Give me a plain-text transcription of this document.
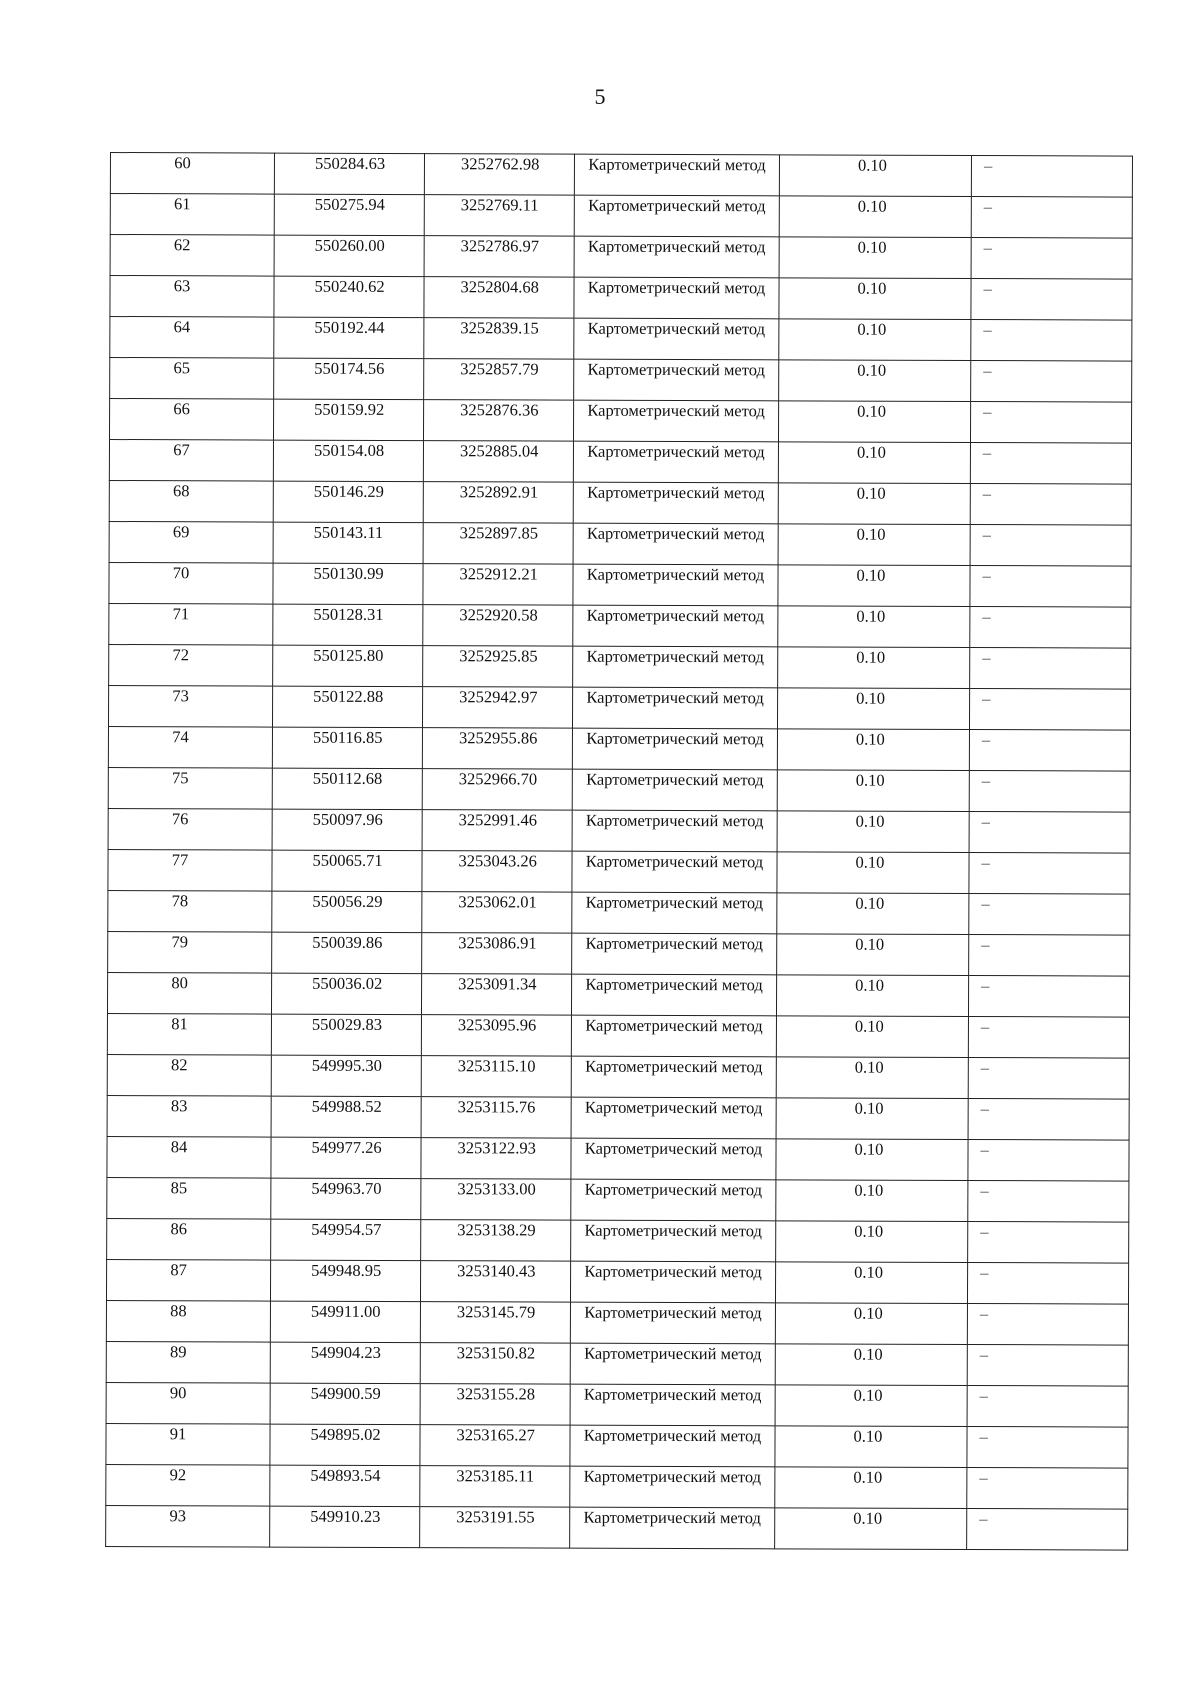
5
60	550284.63	3252762.98	Картометрический метод	0.10	–
61	550275.94	3252769.11	Картометрический метод	0.10	–
62	550260.00	3252786.97	Картометрический метод	0.10	–
63	550240.62	3252804.68	Картометрический метод	0.10	–
64	550192.44	3252839.15	Картометрический метод	0.10	–
65	550174.56	3252857.79	Картометрический метод	0.10	–
66	550159.92	3252876.36	Картометрический метод	0.10	–
67	550154.08	3252885.04	Картометрический метод	0.10	–
68	550146.29	3252892.91	Картометрический метод	0.10	–
69	550143.11	3252897.85	Картометрический метод	0.10	–
70	550130.99	3252912.21	Картометрический метод	0.10	–
71	550128.31	3252920.58	Картометрический метод	0.10	–
72	550125.80	3252925.85	Картометрический метод	0.10	–
73	550122.88	3252942.97	Картометрический метод	0.10	–
74	550116.85	3252955.86	Картометрический метод	0.10	–
75	550112.68	3252966.70	Картометрический метод	0.10	–
76	550097.96	3252991.46	Картометрический метод	0.10	–
77	550065.71	3253043.26	Картометрический метод	0.10	–
78	550056.29	3253062.01	Картометрический метод	0.10	–
79	550039.86	3253086.91	Картометрический метод	0.10	–
80	550036.02	3253091.34	Картометрический метод	0.10	–
81	550029.83	3253095.96	Картометрический метод	0.10	–
82	549995.30	3253115.10	Картометрический метод	0.10	–
83	549988.52	3253115.76	Картометрический метод	0.10	–
84	549977.26	3253122.93	Картометрический метод	0.10	–
85	549963.70	3253133.00	Картометрический метод	0.10	–
86	549954.57	3253138.29	Картометрический метод	0.10	–
87	549948.95	3253140.43	Картометрический метод	0.10	–
88	549911.00	3253145.79	Картометрический метод	0.10	–
89	549904.23	3253150.82	Картометрический метод	0.10	–
90	549900.59	3253155.28	Картометрический метод	0.10	–
91	549895.02	3253165.27	Картометрический метод	0.10	–
92	549893.54	3253185.11	Картометрический метод	0.10	–
93	549910.23	3253191.55	Картометрический метод	0.10	–
